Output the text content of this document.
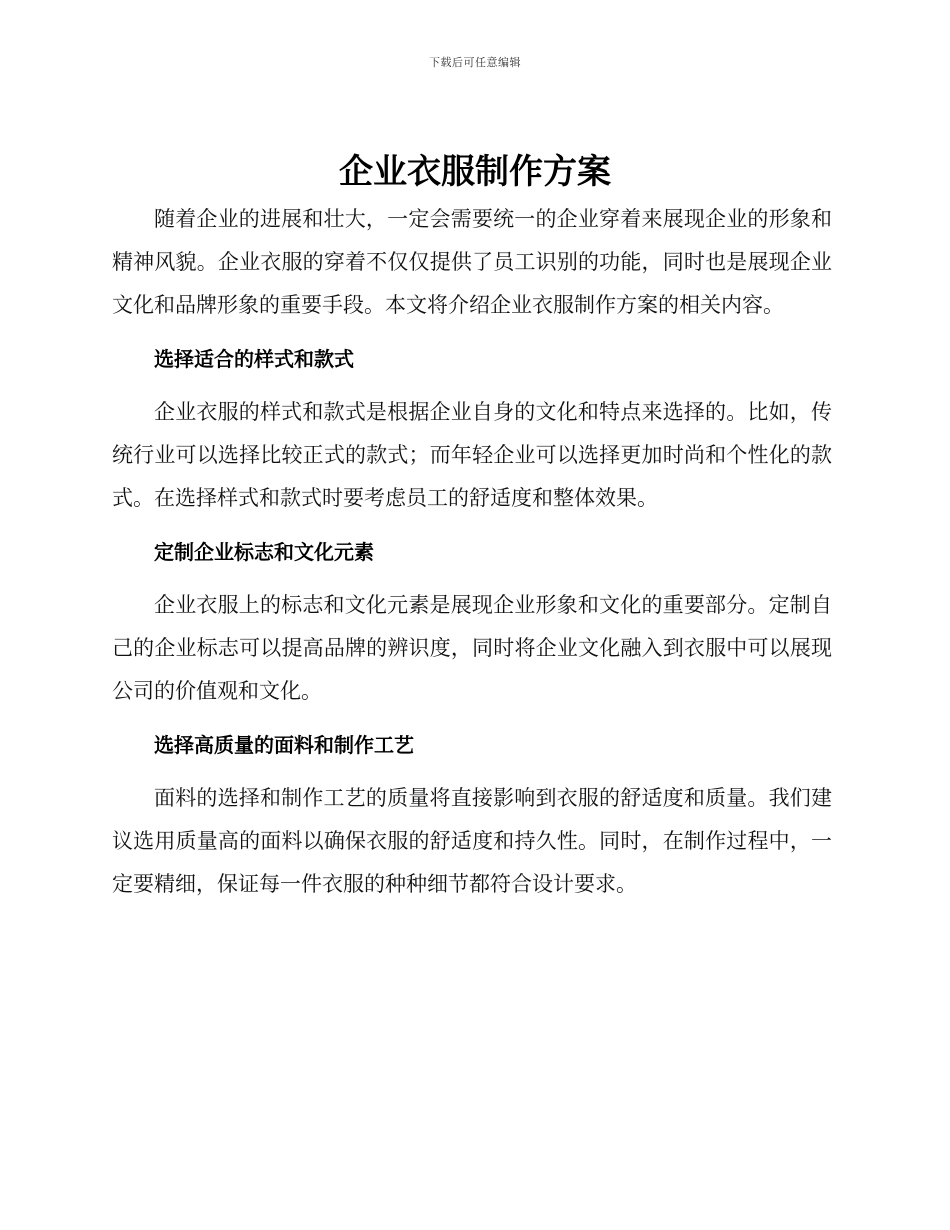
下载后可任意编辑
企业衣服制作方案

随着企业的进展和壮大，一定会需要统一的企业穿着来展现企业的形象和精神风貌。企业衣服的穿着不仅仅提供了员工识别的功能，同时也是展现企业文化和品牌形象的重要手段。本文将介绍企业衣服制作方案的相关内容。

选择适合的样式和款式

企业衣服的样式和款式是根据企业自身的文化和特点来选择的。比如，传统行业可以选择比较正式的款式；而年轻企业可以选择更加时尚和个性化的款式。在选择样式和款式时要考虑员工的舒适度和整体效果。

定制企业标志和文化元素

企业衣服上的标志和文化元素是展现企业形象和文化的重要部分。定制自己的企业标志可以提高品牌的辨识度，同时将企业文化融入到衣服中可以展现公司的价值观和文化。

选择高质量的面料和制作工艺

面料的选择和制作工艺的质量将直接影响到衣服的舒适度和质量。我们建议选用质量高的面料以确保衣服的舒适度和持久性。同时，在制作过程中，一定要精细，保证每一件衣服的种种细节都符合设计要求。
